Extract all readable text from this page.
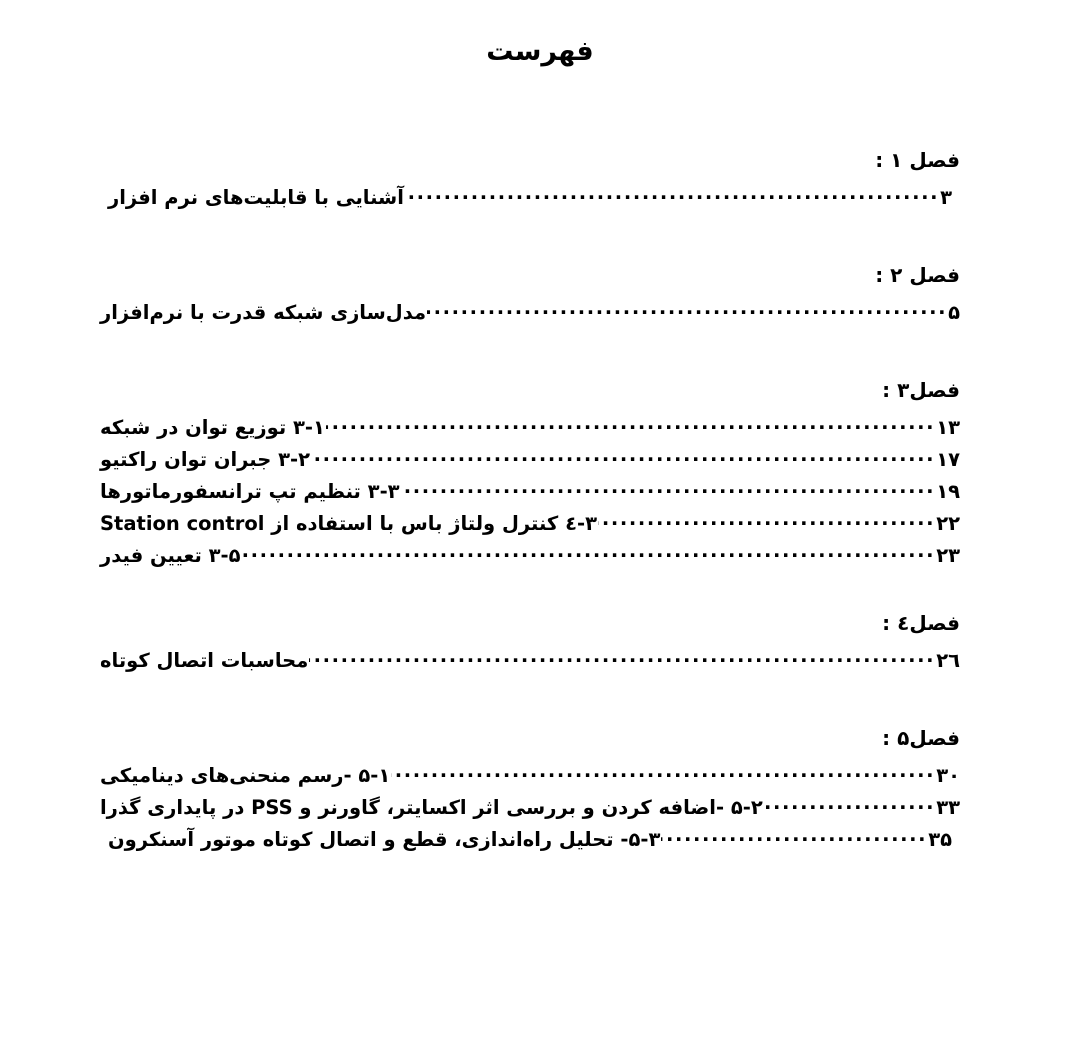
فهرست
فصل ۱ :
آشنایی با قابلیت‌های نرم افزار .....	۳
فصل ۲ :
مدل‌سازی شبکه قدرت با نرم‌افزار .....	۵
فصل۳ :
۳-۱ توزیع توان در شبکه .....	۱۳
۳-۲ جبران توان راکتیو .....	۱۷
۳-۳ تنظیم تپ ترانسفورماتورها .....	۱۹
۳-٤ کنترل ولتاژ باس با استفاده از Station control .....	۲۲
۳-۵ تعیین فیدر .....	۲۳
فصل٤ :
محاسبات اتصال کوتاه .....	۲٦
فصل۵ :
۵-۱ -رسم منحنی‌های دینامیکی .....	۳۰
۵-۲ -اضافه کردن و بررسی اثر اکسایتر، گاورنر و PSS در پایداری گذرا .....	۳۳
۵-۳- تحلیل راه‌اندازی، قطع و اتصال کوتاه موتور آسنکرون .....	۳۵
